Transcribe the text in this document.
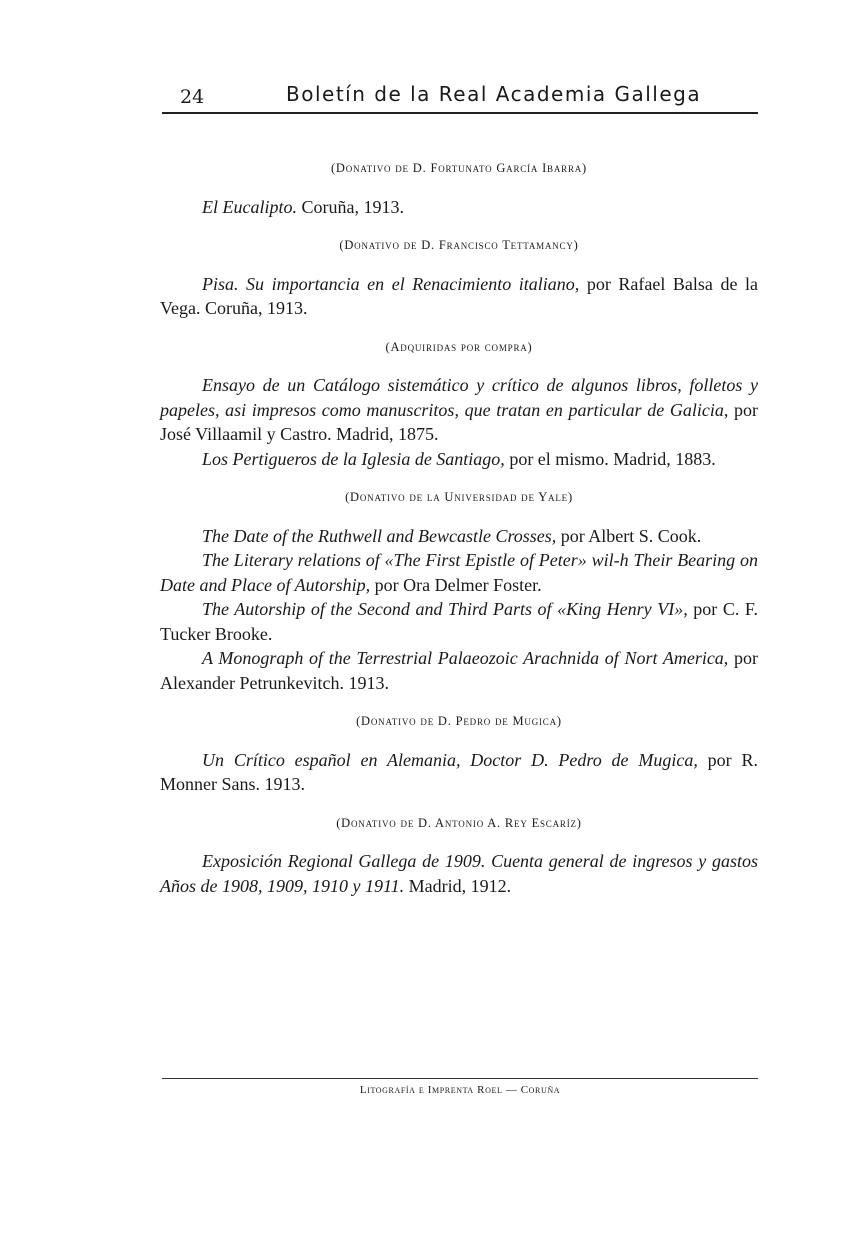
24	Boletín de la Real Academia Gallega
(Donativo de D. Fortunato García Ibarra)

El Eucalipto. Coruña, 1913.

(Donativo de D. Francisco Tettamancy)

Pisa. Su importancia en el Renacimiento italiano, por Rafael Balsa de la Vega. Coruña, 1913.

(Adquiridas por compra)

Ensayo de un Catálogo sistemático y crítico de algunos libros, folletos y papeles, asi impresos como manuscritos, que tratan en particular de Galicia, por José Villaamil y Castro. Madrid, 1875.

Los Pertigueros de la Iglesia de Santiago, por el mismo. Madrid, 1883.

(Donativo de la Universidad de Yale)

The Date of the Ruthwell and Bewcastle Crosses, por Albert S. Cook.

The Literary relations of «The First Epistle of Peter» wil-h Their Bearing on Date and Place of Autorship, por Ora Delmer Foster.

The Autorship of the Second and Third Parts of «King Henry VI», por C. F. Tucker Brooke.

A Monograph of the Terrestrial Palaeozoic Arachnida of Nort America, por Alexander Petrunkevitch. 1913.

(Donativo de D. Pedro de Mugica)

Un Crítico español en Alemania, Doctor D. Pedro de Mugica, por R. Monner Sans. 1913.

(Donativo de D. Antonio A. Rey Escaríz)

Exposición Regional Gallega de 1909. Cuenta general de ingresos y gastos Años de 1908, 1909, 1910 y 1911. Madrid, 1912.

Litografía e Imprenta Roel — Coruña
